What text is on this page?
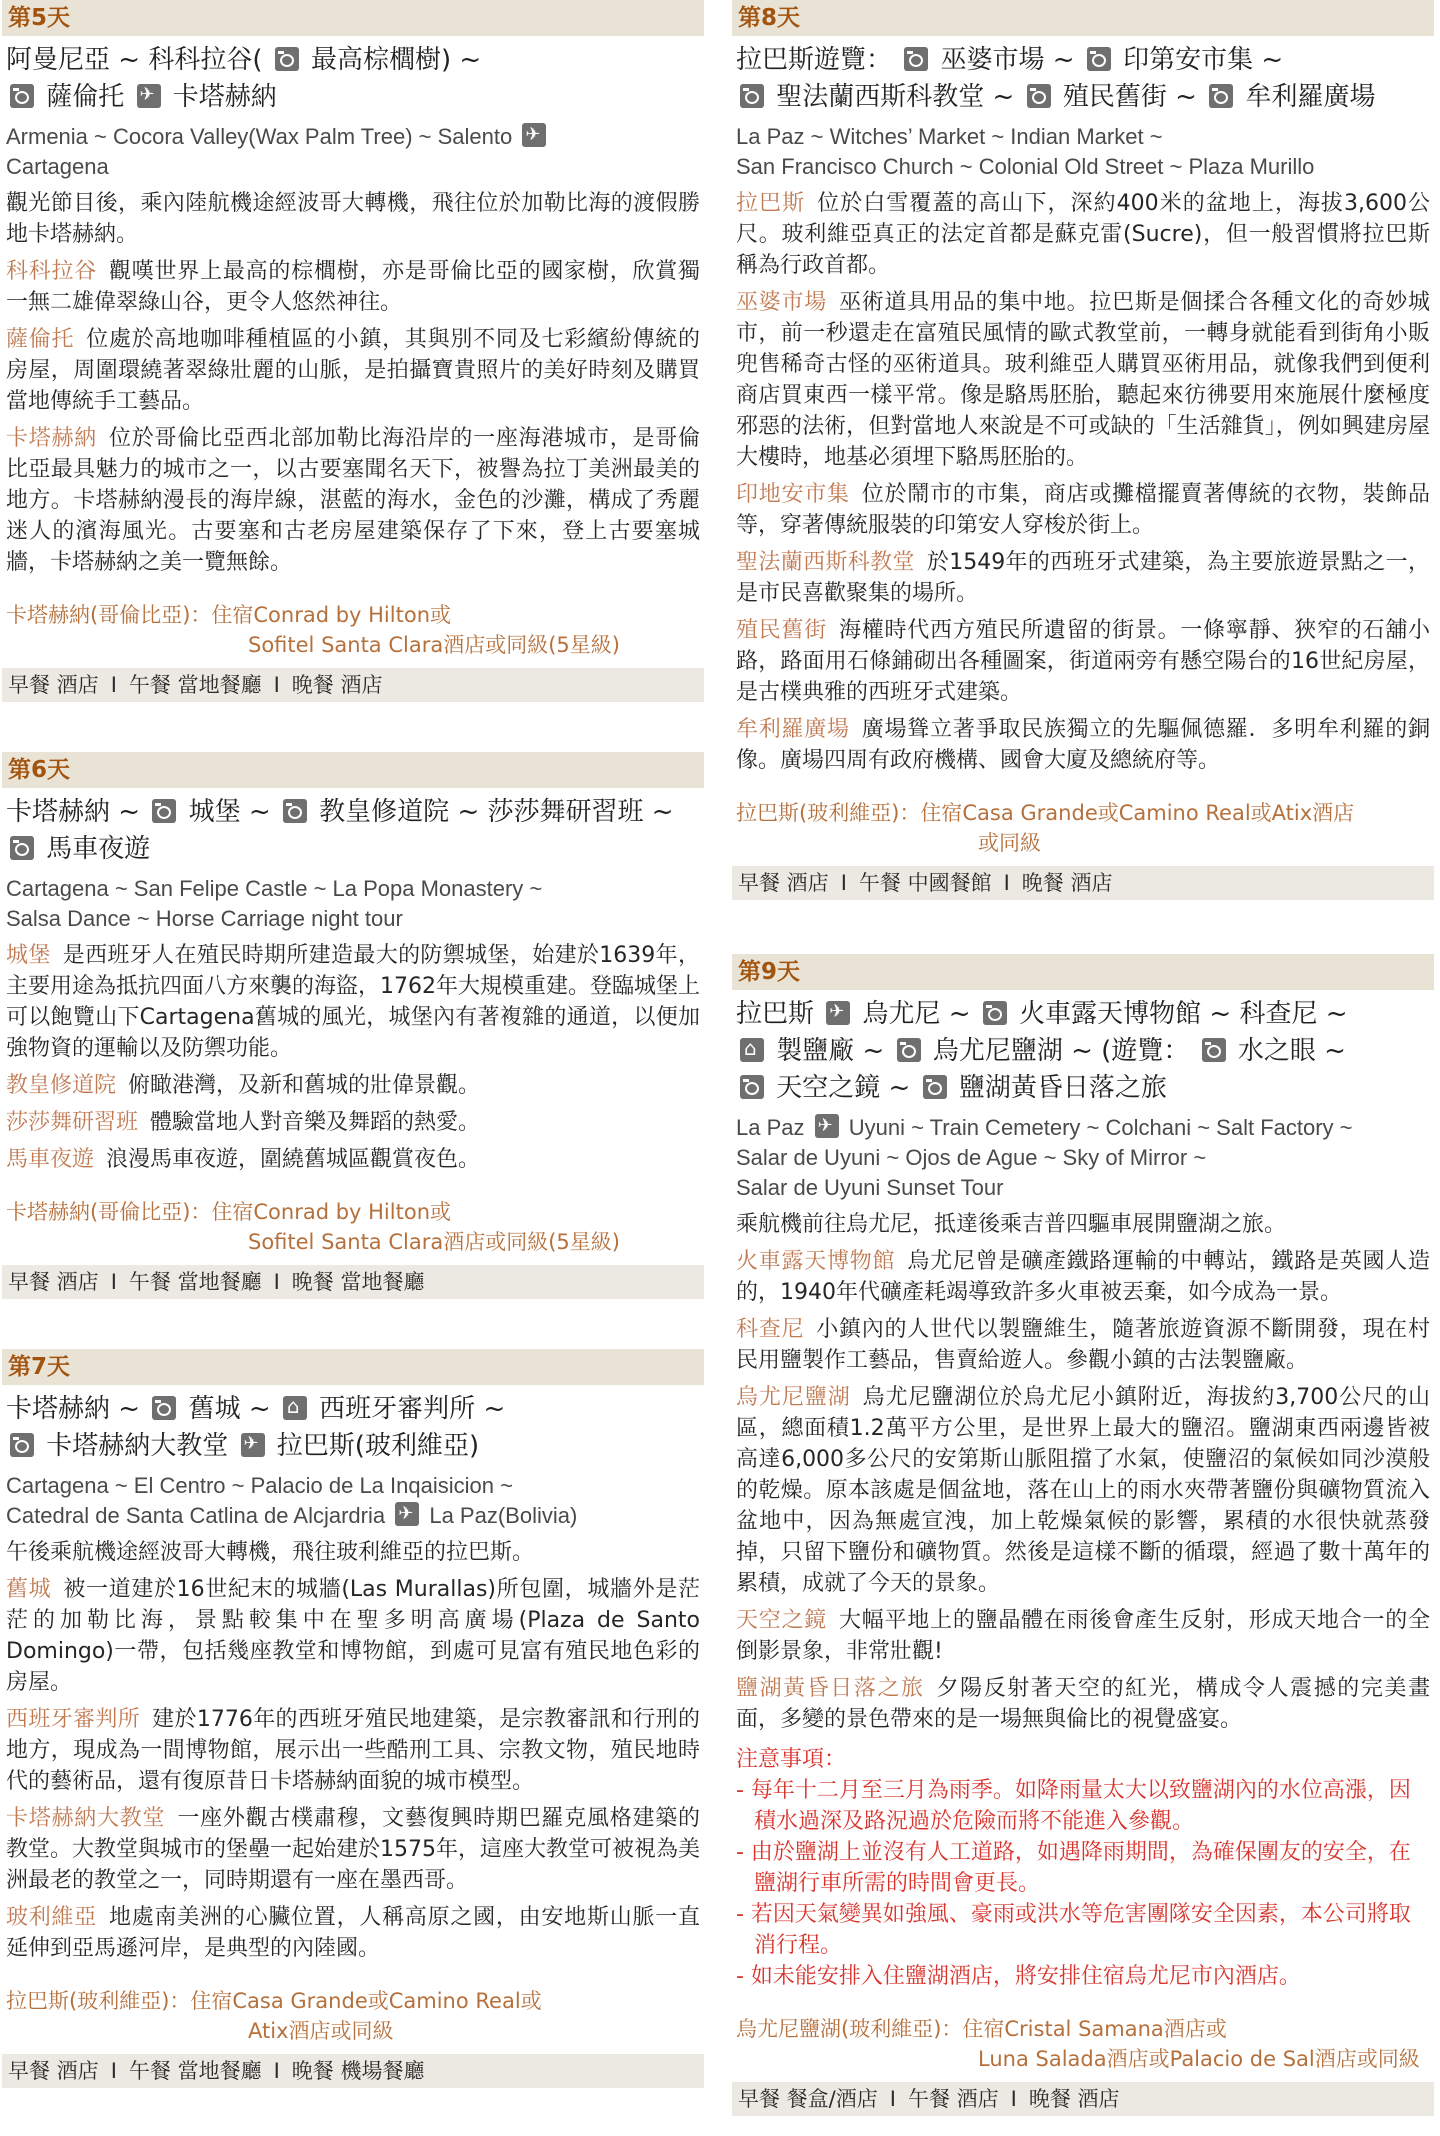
第5天
阿曼尼亞 ~ 科科拉谷(  最高棕櫚樹) ~
薩倫托 ✈ 卡塔赫納
Armenia ~ Cocora Valley(Wax Palm Tree) ~ Salento ✈
Cartagena
觀光節目後，乘內陸航機途經波哥大轉機，飛往位於加勒比海的渡假勝地卡塔赫納。
科科拉谷 觀嘆世界上最高的棕櫚樹，亦是哥倫比亞的國家樹，欣賞獨一無二雄偉翠綠山谷，更令人悠然神往。
薩倫托 位處於高地咖啡種植區的小鎮，其與別不同及七彩繽紛傳統的房屋，周圍環繞著翠綠壯麗的山脈，是拍攝寶貴照片的美好時刻及購買當地傳統手工藝品。
卡塔赫納 位於哥倫比亞西北部加勒比海沿岸的一座海港城市，是哥倫比亞最具魅力的城市之一，以古要塞聞名天下，被譽為拉丁美洲最美的地方。卡塔赫納漫長的海岸線，湛藍的海水，金色的沙灘，構成了秀麗迷人的濱海風光。古要塞和古老房屋建築保存了下來，登上古要塞城牆，卡塔赫納之美一覽無餘。
卡塔赫納(哥倫比亞)：住宿Conrad by Hilton或
Sofitel Santa Clara酒店或同級(5星級)
早餐 酒店 I 午餐 當地餐廳 I 晚餐 酒店
第6天
卡塔赫納 ~  城堡 ~  教皇修道院 ~ 莎莎舞研習班 ~
馬車夜遊
Cartagena ~ San Felipe Castle ~ La Popa Monastery ~
Salsa Dance ~ Horse Carriage night tour
城堡 是西班牙人在殖民時期所建造最大的防禦城堡，始建於1639年，主要用途為抵抗四面八方來襲的海盜，1762年大規模重建。登臨城堡上可以飽覽山下Cartagena舊城的風光，城堡內有著複雜的通道，以便加強物資的運輸以及防禦功能。
教皇修道院 俯瞰港灣，及新和舊城的壯偉景觀。
莎莎舞研習班 體驗當地人對音樂及舞蹈的熱愛。
馬車夜遊 浪漫馬車夜遊，圍繞舊城區觀賞夜色。
卡塔赫納(哥倫比亞)：住宿Conrad by Hilton或
Sofitel Santa Clara酒店或同級(5星級)
早餐 酒店 I 午餐 當地餐廳 I 晚餐 當地餐廳
第7天
卡塔赫納 ~  舊城 ~ ⌂ 西班牙審判所 ~
卡塔赫納大教堂 ✈ 拉巴斯(玻利維亞)
Cartagena ~ El Centro ~ Palacio de La Inqaisicion ~
Catedral de Santa Catlina de Alcjardria ✈ La Paz(Bolivia)
午後乘航機途經波哥大轉機，飛往玻利維亞的拉巴斯。
舊城 被一道建於16世紀末的城牆(Las Murallas)所包圍，城牆外是茫茫的加勒比海，景點較集中在聖多明高廣場(Plaza de Santo Domingo)一帶，包括幾座教堂和博物館，到處可見富有殖民地色彩的房屋。
西班牙審判所 建於1776年的西班牙殖民地建築，是宗教審訊和行刑的地方，現成為一間博物館，展示出一些酷刑工具、宗教文物，殖民地時代的藝術品，還有復原昔日卡塔赫納面貌的城市模型。
卡塔赫納大教堂 一座外觀古樸肅穆，文藝復興時期巴羅克風格建築的教堂。大教堂與城市的堡壘一起始建於1575年，這座大教堂可被視為美洲最老的教堂之一，同時期還有一座在墨西哥。
玻利維亞 地處南美洲的心臟位置，人稱高原之國，由安地斯山脈一直延伸到亞馬遜河岸，是典型的內陸國。
拉巴斯(玻利維亞)：住宿Casa Grande或Camino Real或
Atix酒店或同級
早餐 酒店 I 午餐 當地餐廳 I 晚餐 機場餐廳
第8天
拉巴斯遊覽：  巫婆市場 ~  印第安市集 ~
聖法蘭西斯科教堂 ~  殖民舊街 ~  牟利羅廣場
La Paz ~ Witches’ Market ~ Indian Market ~
San Francisco Church ~ Colonial Old Street ~ Plaza Murillo
拉巴斯 位於白雪覆蓋的高山下，深約400米的盆地上，海拔3,600公尺。玻利維亞真正的法定首都是蘇克雷(Sucre)，但一般習慣將拉巴斯稱為行政首都。
巫婆市場 巫術道具用品的集中地。拉巴斯是個揉合各種文化的奇妙城市，前一秒還走在富殖民風情的歐式教堂前，一轉身就能看到街角小販兜售稀奇古怪的巫術道具。玻利維亞人購買巫術用品，就像我們到便利商店買東西一樣平常。像是駱馬胚胎，聽起來彷彿要用來施展什麼極度邪惡的法術，但對當地人來說是不可或缺的「生活雜貨」，例如興建房屋大樓時，地基必須埋下駱馬胚胎的。
印地安市集 位於鬧市的市集，商店或攤檔擺賣著傳統的衣物，裝飾品等，穿著傳統服裝的印第安人穿梭於街上。
聖法蘭西斯科教堂 於1549年的西班牙式建築，為主要旅遊景點之一，是市民喜歡聚集的場所。
殖民舊街 海權時代西方殖民所遺留的街景。一條寧靜、狹窄的石舖小路，路面用石條鋪砌出各種圖案，街道兩旁有懸空陽台的16世紀房屋，是古樸典雅的西班牙式建築。
牟利羅廣場 廣場聳立著爭取民族獨立的先驅佩德羅．多明牟利羅的銅像。廣場四周有政府機構、國會大廈及總統府等。
拉巴斯(玻利維亞)：住宿Casa Grande或Camino Real或Atix酒店
或同級
早餐 酒店 I 午餐 中國餐館 I 晚餐 酒店
第9天
拉巴斯 ✈ 烏尤尼 ~  火車露天博物館 ~ 科查尼 ~
⌂ 製鹽廠 ~  烏尤尼鹽湖 ~ (遊覽：  水之眼 ~
天空之鏡 ~  鹽湖黃昏日落之旅
La Paz ✈ Uyuni ~ Train Cemetery ~ Colchani ~ Salt Factory ~
Salar de Uyuni ~ Ojos de Ague ~ Sky of Mirror ~
Salar de Uyuni Sunset Tour
乘航機前往烏尤尼，抵達後乘吉普四驅車展開鹽湖之旅。
火車露天博物館 烏尤尼曾是礦產鐵路運輸的中轉站，鐵路是英國人造的，1940年代礦產耗竭導致許多火車被丟棄，如今成為一景。
科查尼 小鎮內的人世代以製鹽維生，隨著旅遊資源不斷開發，現在村民用鹽製作工藝品，售賣給遊人。參觀小鎮的古法製鹽廠。
烏尤尼鹽湖 烏尤尼鹽湖位於烏尤尼小鎮附近，海拔約3,700公尺的山區，總面積1.2萬平方公里，是世界上最大的鹽沼。鹽湖東西兩邊皆被高達6,000多公尺的安第斯山脈阻擋了水氣，使鹽沼的氣候如同沙漠般的乾燥。原本該處是個盆地，落在山上的雨水夾帶著鹽份與礦物質流入盆地中，因為無處宣洩，加上乾燥氣候的影響，累積的水很快就蒸發掉，只留下鹽份和礦物質。然後是這樣不斷的循環，經過了數十萬年的累積，成就了今天的景象。
天空之鏡 大幅平地上的鹽晶體在雨後會產生反射，形成天地合一的全倒影景象，非常壯觀!
鹽湖黃昏日落之旅 夕陽反射著天空的紅光，構成令人震撼的完美畫面，多變的景色帶來的是一場無與倫比的視覺盛宴。
注意事項：
- 每年十二月至三月為雨季。如降雨量太大以致鹽湖內的水位高漲，因積水過深及路況過於危險而將不能進入參觀。
- 由於鹽湖上並沒有人工道路，如遇降雨期間，為確保團友的安全，在鹽湖行車所需的時間會更長。
- 若因天氣變異如強風、豪雨或洪水等危害團隊安全因素，本公司將取消行程。
- 如未能安排入住鹽湖酒店，將安排住宿烏尤尼市內酒店。
烏尤尼鹽湖(玻利維亞)：住宿Cristal Samana酒店或
Luna Salada酒店或Palacio de Sal酒店或同級
早餐 餐盒/酒店 I 午餐 酒店 I 晚餐 酒店
